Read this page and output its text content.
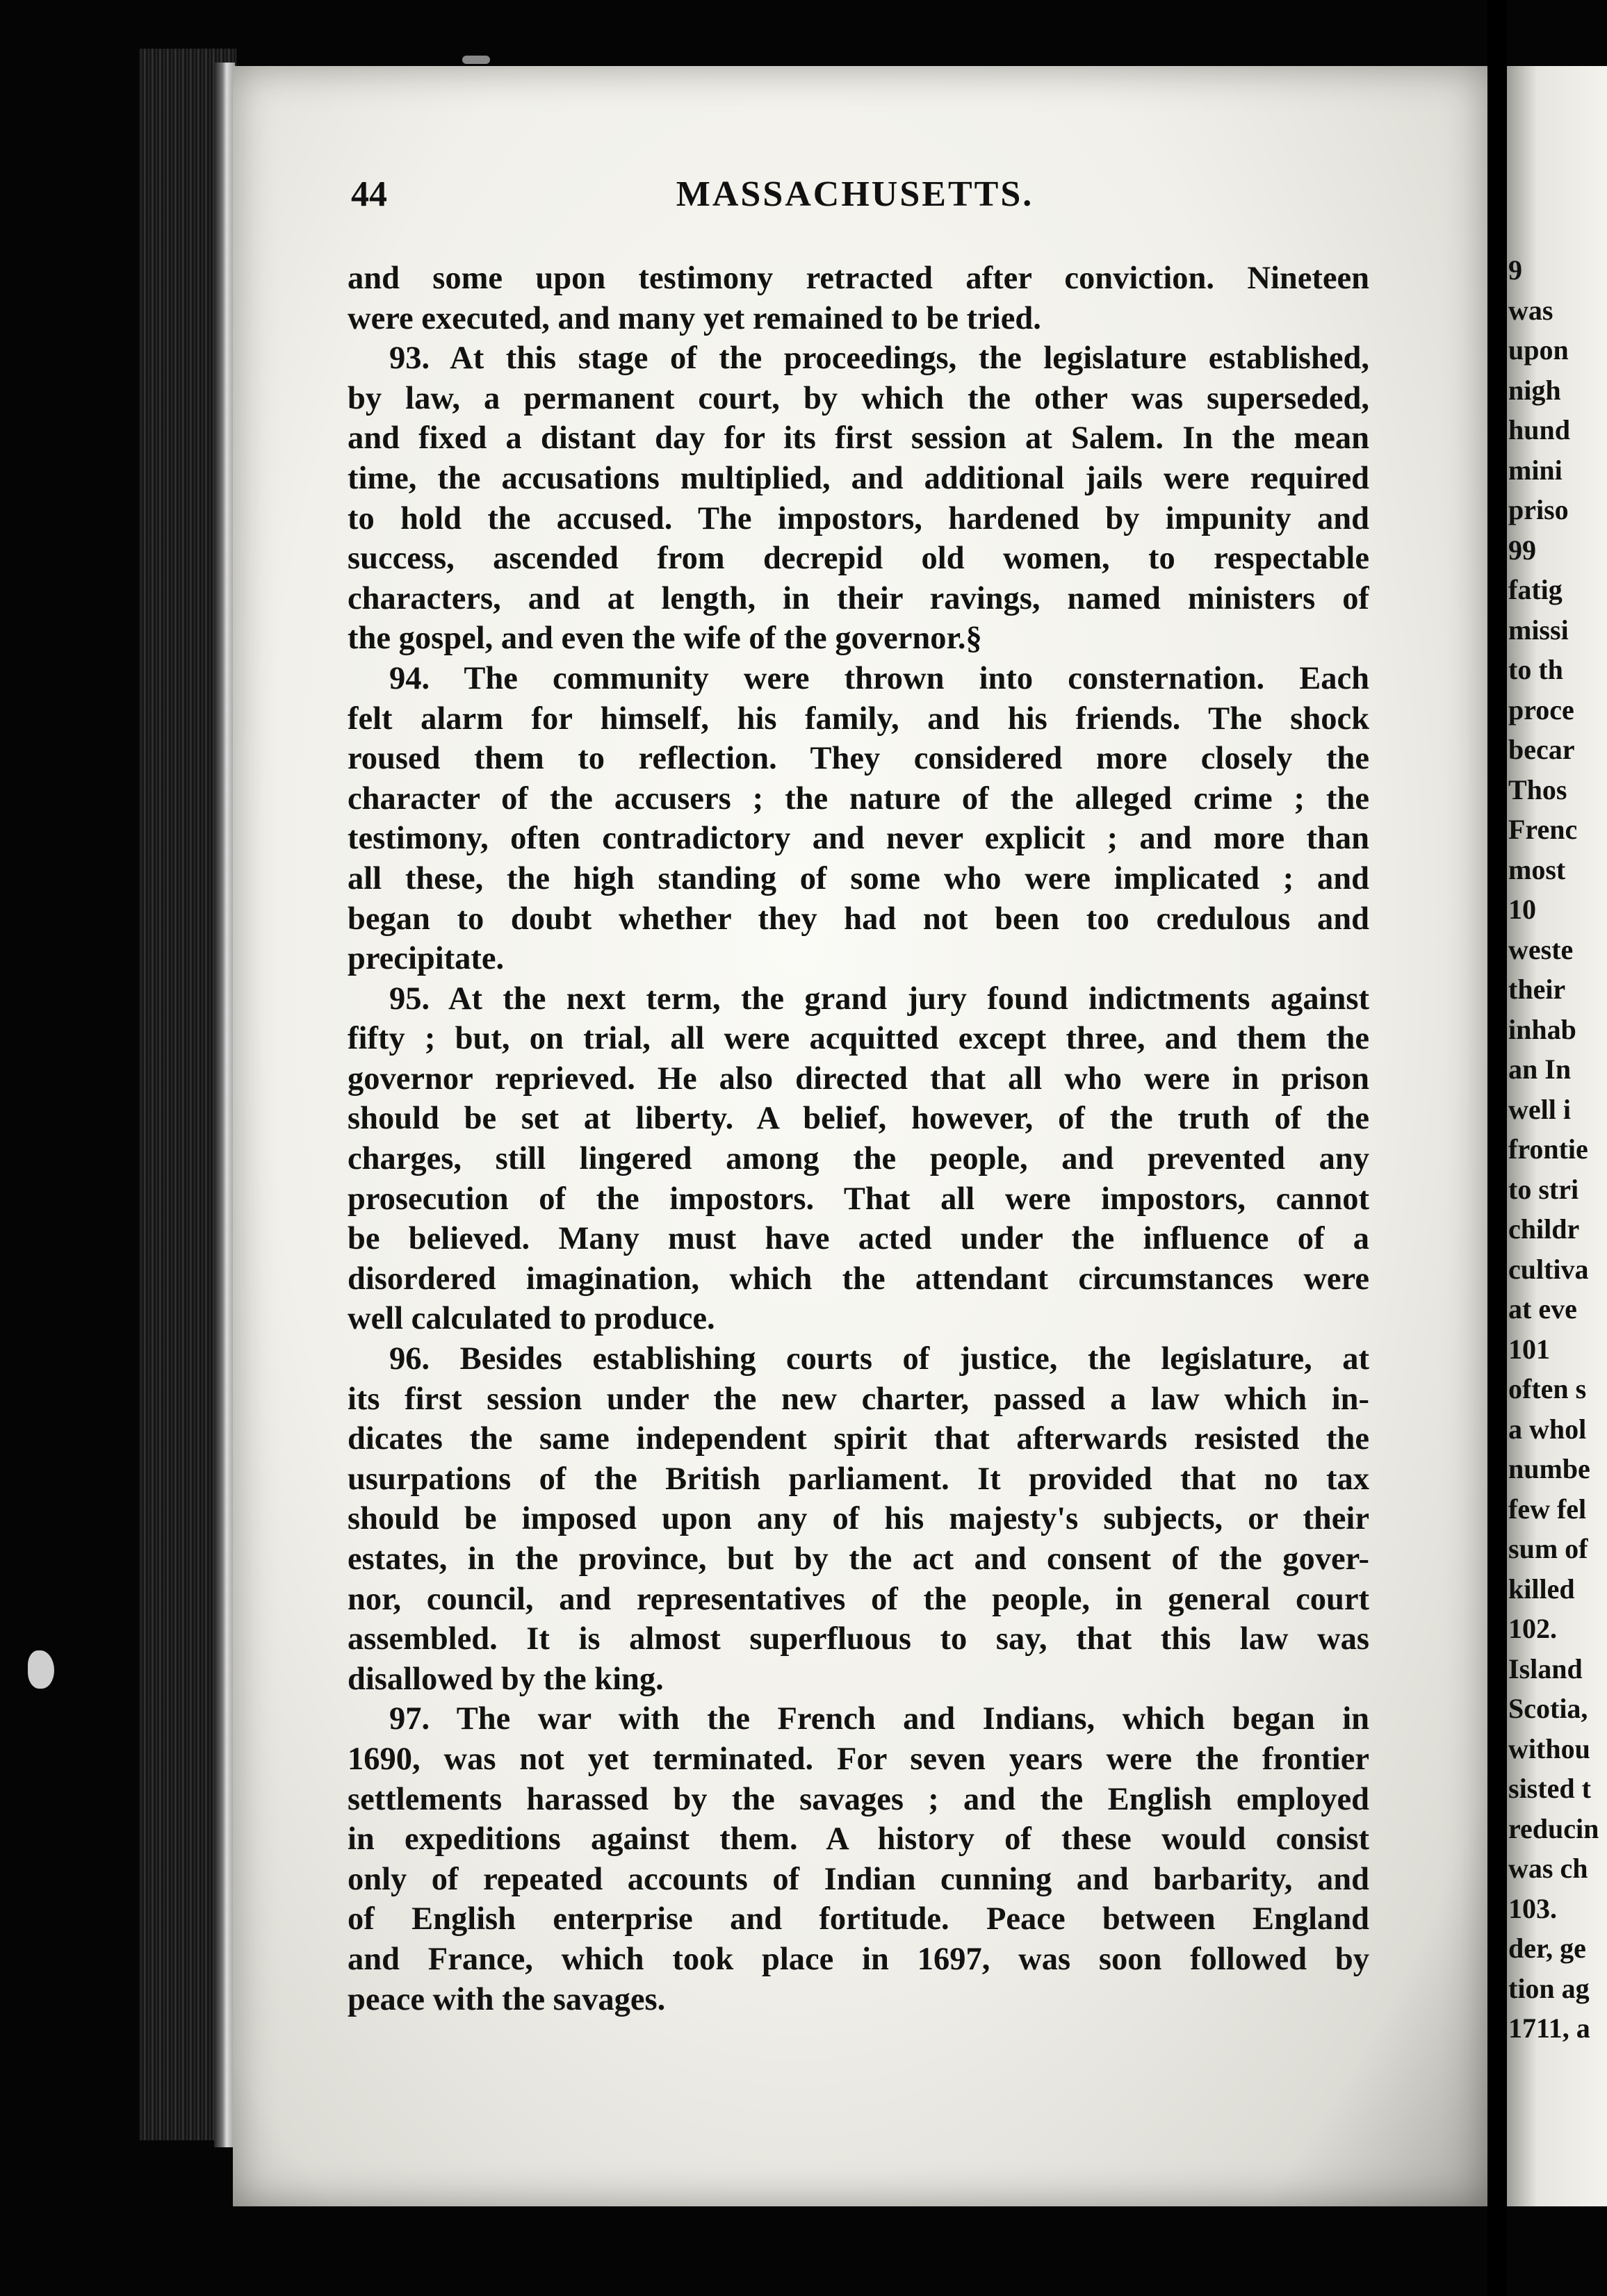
44	MASSACHUSETTS.
and some upon testimony retracted after conviction. Nineteen
were executed, and many yet remained to be tried.
93. At this stage of the proceedings, the legislature established,
by law, a permanent court, by which the other was superseded,
and fixed a distant day for its first session at Salem. In the mean
time, the accusations multiplied, and additional jails were required
to hold the accused. The impostors, hardened by impunity and
success, ascended from decrepid old women, to respectable
characters, and at length, in their ravings, named ministers of
the gospel, and even the wife of the governor.§
94. The community were thrown into consternation. Each
felt alarm for himself, his family, and his friends. The shock
roused them to reflection. They considered more closely the
character of the accusers ; the nature of the alleged crime ; the
testimony, often contradictory and never explicit ; and more than
all these, the high standing of some who were implicated ; and
began to doubt whether they had not been too credulous and
precipitate.
95. At the next term, the grand jury found indictments against
fifty ; but, on trial, all were acquitted except three, and them the
governor reprieved. He also directed that all who were in prison
should be set at liberty. A belief, however, of the truth of the
charges, still lingered among the people, and prevented any
prosecution of the impostors. That all were impostors, cannot
be believed. Many must have acted under the influence of a
disordered imagination, which the attendant circumstances were
well calculated to produce.
96. Besides establishing courts of justice, the legislature, at
its first session under the new charter, passed a law which in-
dicates the same independent spirit that afterwards resisted the
usurpations of the British parliament. It provided that no tax
should be imposed upon any of his majesty's subjects, or their
estates, in the province, but by the act and consent of the gover-
nor, council, and representatives of the people, in general court
assembled. It is almost superfluous to say, that this law was
disallowed by the king.
97. The war with the French and Indians, which began in
1690, was not yet terminated. For seven years were the frontier
settlements harassed by the savages ; and the English employed
in expeditions against them. A history of these would consist
only of repeated accounts of Indian cunning and barbarity, and
of English enterprise and fortitude. Peace between England
and France, which took place in 1697, was soon followed by
peace with the savages.
9
was
upon
nigh
hund
mini
priso
99
fatig
missi
to th
proce
becar
Thos
Frenc
most
10
weste
their
inhab
an In
well i
frontie
to stri
childr
cultiva
at eve
101
often s
a whol
numbe
few fel
sum of
killed
102.
Island
Scotia,
withou
sisted t
reducin
was ch
103.
der, ge
tion ag
1711, a
